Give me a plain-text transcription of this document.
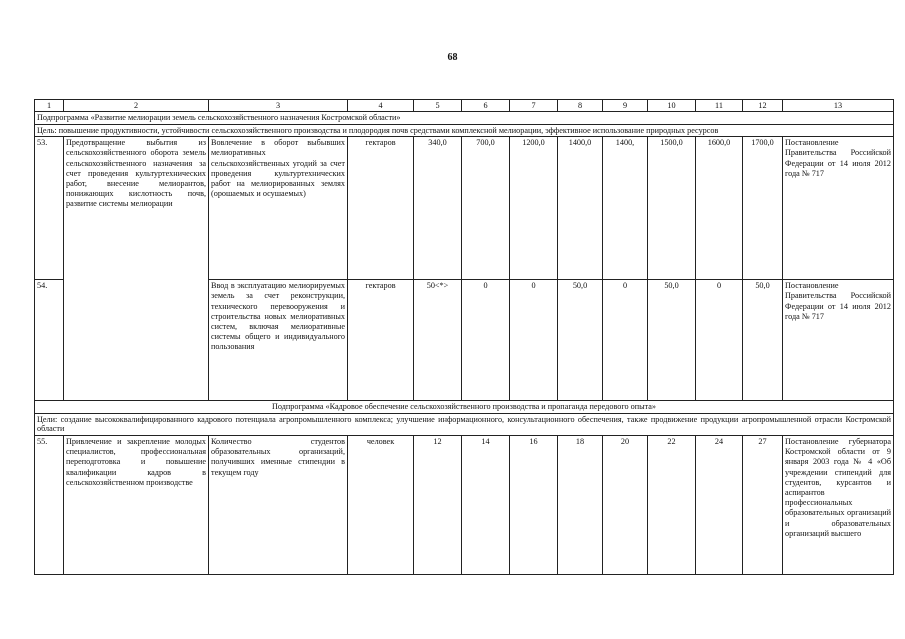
68
1	2	3	4	5	6	7	8	9	10	11	12	13
Подпрограмма «Развитие мелиорации земель сельскохозяйственного назначения Костромской области»												
Цель: повышение продуктивности, устойчивости сельскохозяйственного производства и плодородия почв средствами комплексной мелиорации, эффективное использование природных ресурсов												
53.	Предотвращение выбытия из сельскохозяйственного оборота земель сельскохозяйственного назначения за счет проведения культуртехнических работ, внесение мелиорантов, понижающих кислотность почв, развитие системы мелиорации	Вовлечение в оборот выбывших мелиоративных сельскохозяйственных угодий за счет проведения культуртехнических работ на мелиорированных землях (орошаемых и осушаемых)	гектаров	340,0	700,0	1200,0	1400,0	1400,	1500,0	1600,0	1700,0	Постановление Правительства Российской Федерации от 14 июля 2012 года № 717
54.		Ввод в эксплуатацию мелиорируемых земель за счет реконструкции, технического перевооружения и строительства новых мелиоративных систем, включая мелиоративные системы общего и индивидуального пользования	гектаров	50<*>	0	0	50,0	0	50,0	0	50,0	Постановление Правительства Российской Федерации от 14 июля 2012 года № 717
Подпрограмма «Кадровое обеспечение сельскохозяйственного производства и пропаганда передового опыта»												
Цели: создание высококвалифицированного кадрового потенциала агропромышленного комплекса; улучшение информационного, консультационного обеспечения, также продвижение продукции агропромышленной отрасли Костромской области												
55.	Привлечение и закрепление молодых специалистов, профессиональная переподготовка и повышение квалификации кадров в сельскохозяйственном производстве	Количество студентов образовательных организаций, получивших именные стипендии в текущем году	человек	12	14	16	18	20	22	24	27	Постановление губернатора Костромской области от 9 января 2003 года № 4 «Об учреждении стипендий для студентов, курсантов и аспирантов профессиональных образовательных организаций и образовательных организаций высшего
